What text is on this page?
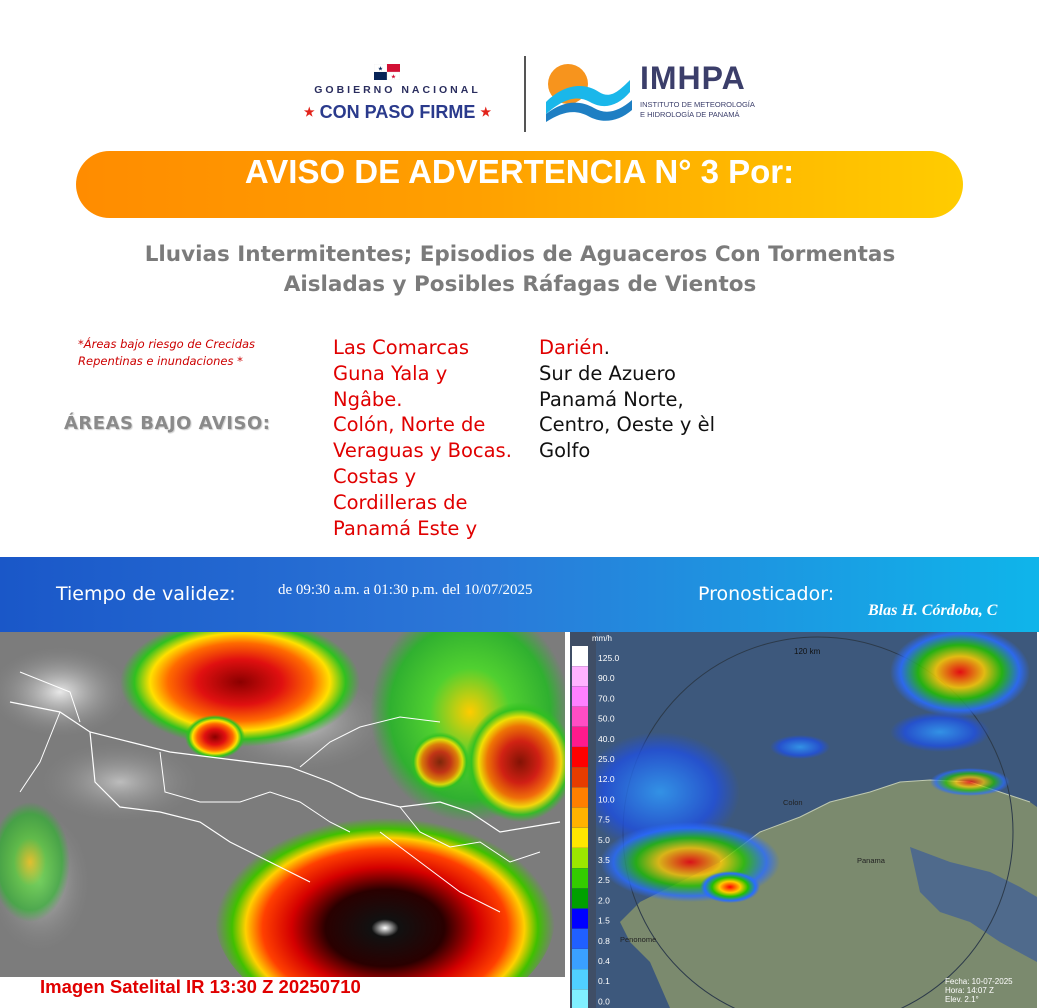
★
★
GOBIERNO NACIONAL
★ CON PASO FIRME ★
IMHPA
INSTITUTO DE METEOROLOGÍA
E HIDROLOGÍA DE PANAMÁ
AVISO DE ADVERTENCIA N° 3 Por:
Lluvias Intermitentes; Episodios de Aguaceros Con Tormentas
Aisladas y Posibles Ráfagas de Vientos
*Áreas bajo riesgo de Crecidas
Repentinas e inundaciones *
ÁREAS BAJO AVISO:
Las Comarcas
Guna Yala y
Ngâbe.
Colón, Norte de
Veraguas y Bocas.
Costas y
Cordilleras de
Panamá Este y
Darién.
Sur de Azuero
Panamá Norte,
Centro, Oeste y èl
Golfo
Tiempo de validez:	de 09:30 a.m. a 01:30 p.m. del 10/07/2025	Pronosticador:
Blas H. Córdoba, C
Imagen Satelital IR 13:30 Z 20250710
mm/h
125.0
90.0
70.0
50.0
40.0
25.0
12.0
10.0
7.5
5.0
3.5
2.5
2.0
1.5
0.8
0.4
0.1
0.0
120 km
Colon
Panama
Penonome
Fecha: 10-07-2025
Hora: 14:07 Z
Elev. 2.1°
